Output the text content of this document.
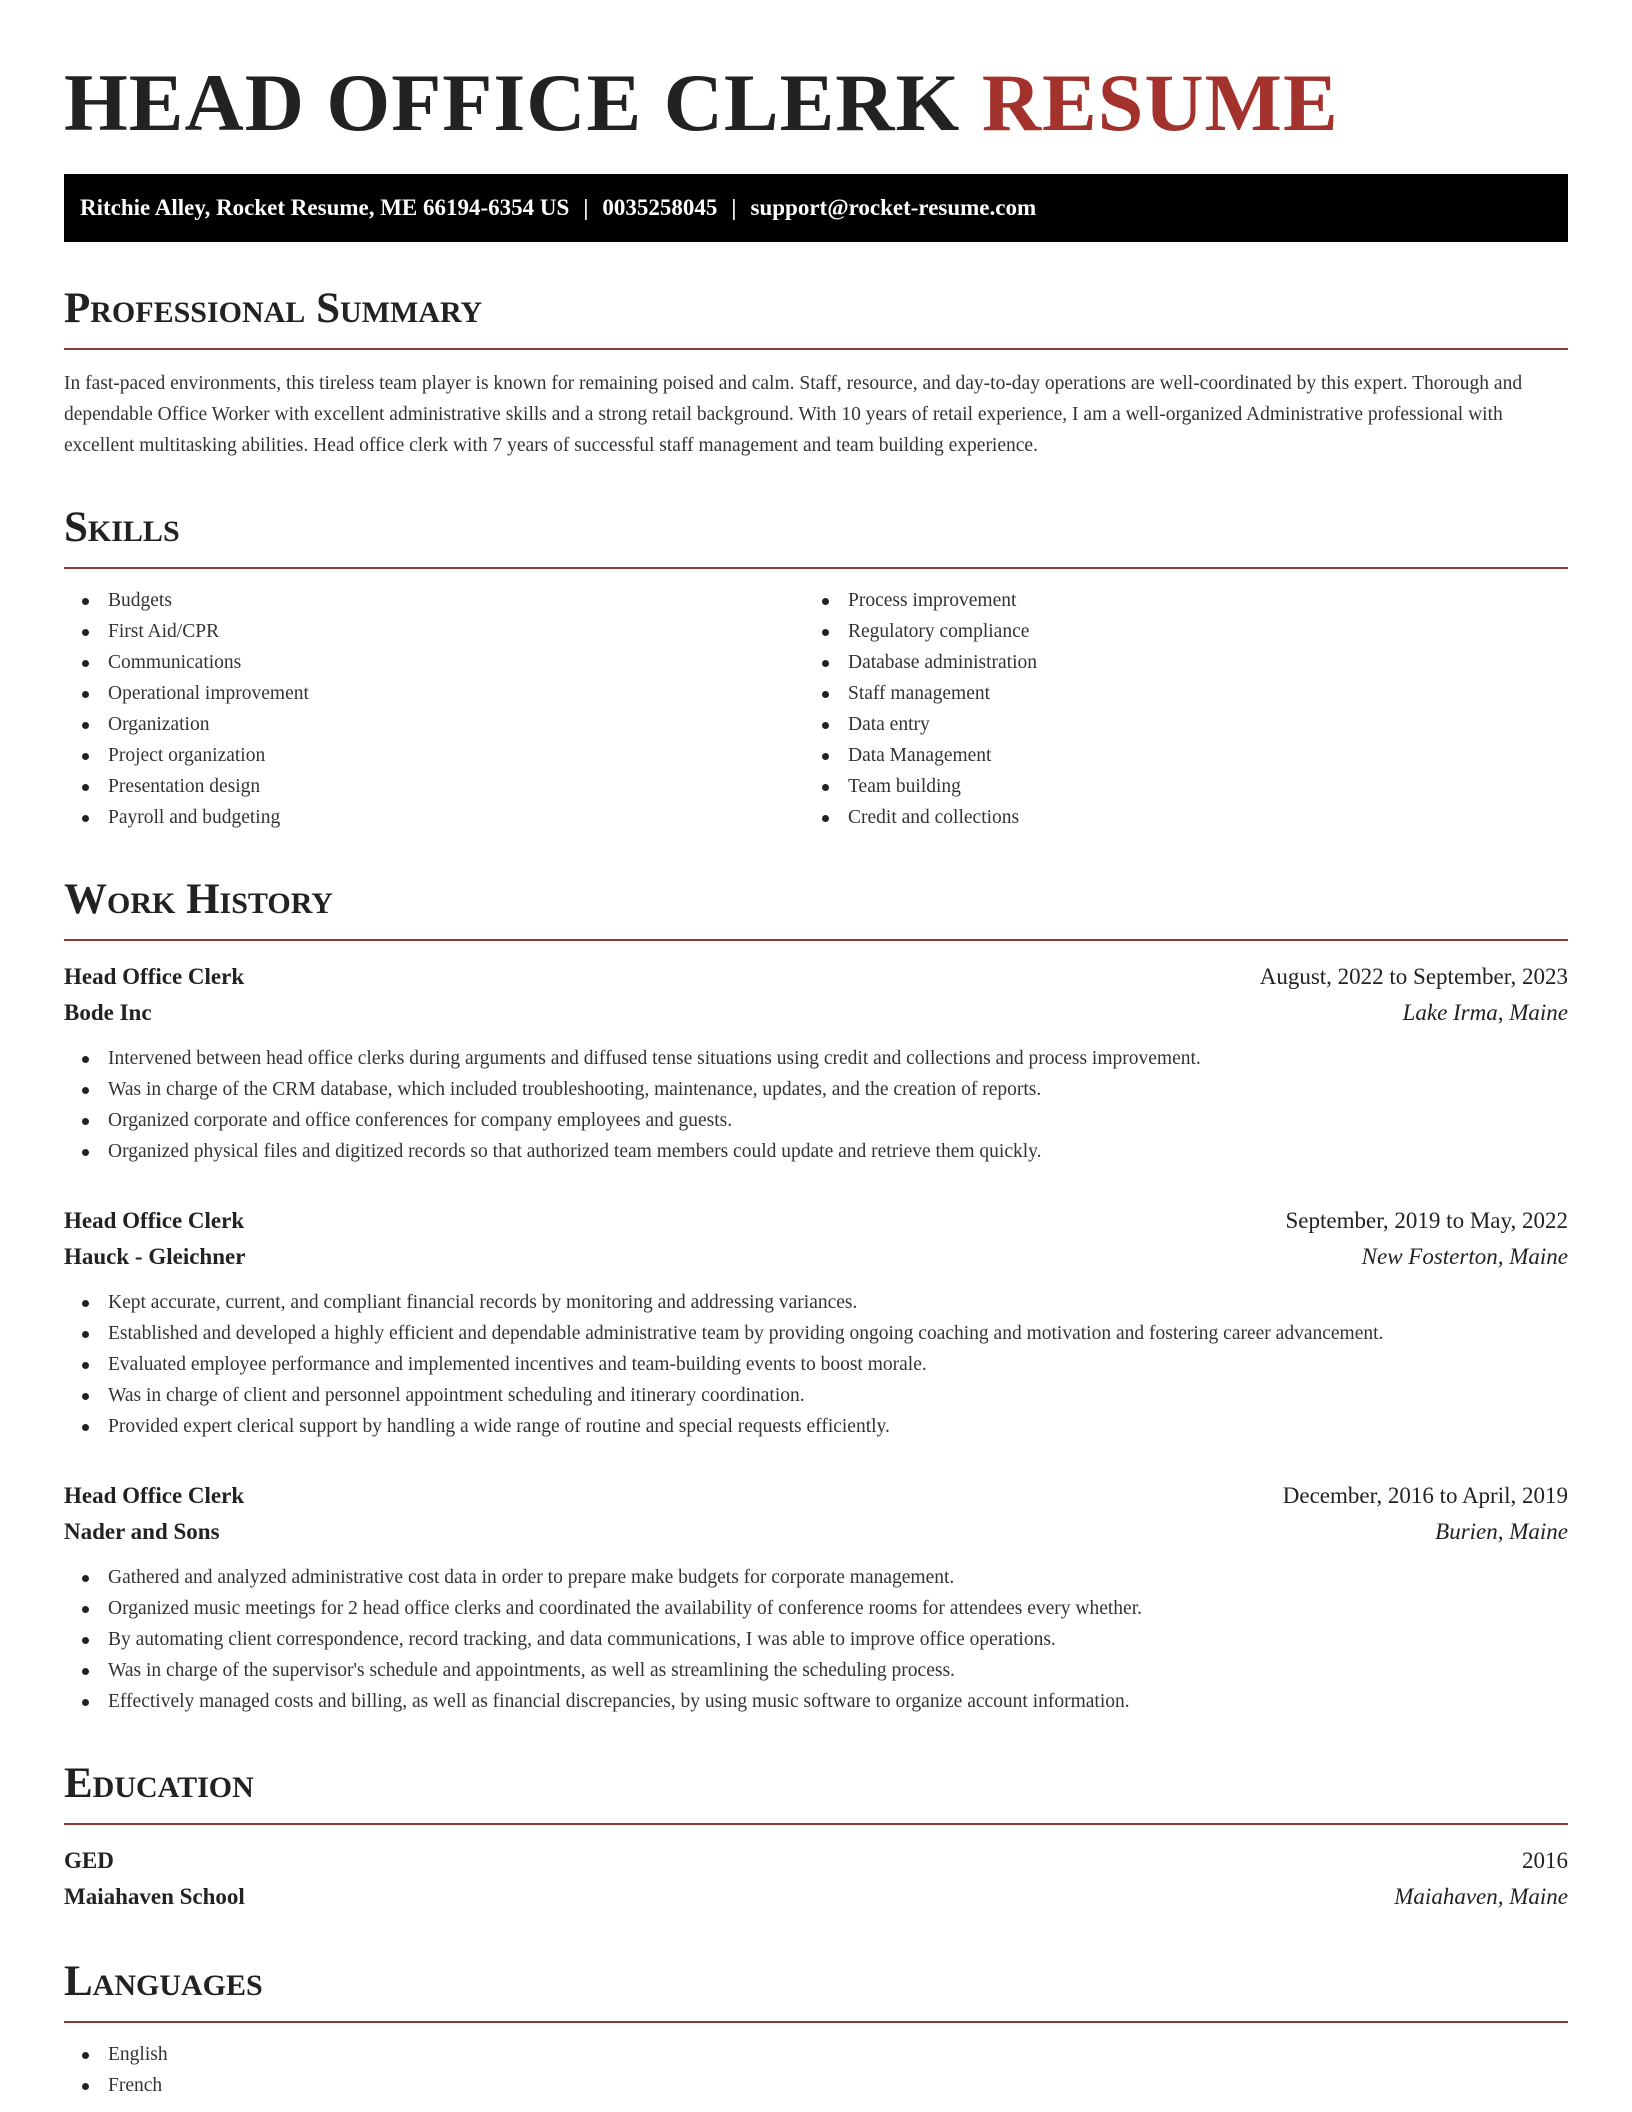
HEAD OFFICE CLERK RESUME
Ritchie Alley, Rocket Resume, ME 66194-6354 US | 0035258045 | support@rocket-resume.com
Professional Summary

In fast-paced environments, this tireless team player is known for remaining poised and calm. Staff, resource, and day-to-day operations are well-coordinated by this expert. Thorough and dependable Office Worker with excellent administrative skills and a strong retail background. With 10 years of retail experience, I am a well-organized Administrative professional with excellent multitasking abilities. Head office clerk with 7 years of successful staff management and team building experience.

Skills
Budgets
First Aid/CPR
Communications
Operational improvement
Organization
Project organization
Presentation design
Payroll and budgeting
Process improvement
Regulatory compliance
Database administration
Staff management
Data entry
Data Management
Team building
Credit and collections
Work History
Head Office Clerk	August, 2022 to September, 2023
Bode Inc	Lake Irma, Maine
Intervened between head office clerks during arguments and diffused tense situations using credit and collections and process improvement.
Was in charge of the CRM database, which included troubleshooting, maintenance, updates, and the creation of reports.
Organized corporate and office conferences for company employees and guests.
Organized physical files and digitized records so that authorized team members could update and retrieve them quickly.
Head Office Clerk	September, 2019 to May, 2022
Hauck - Gleichner	New Fosterton, Maine
Kept accurate, current, and compliant financial records by monitoring and addressing variances.
Established and developed a highly efficient and dependable administrative team by providing ongoing coaching and motivation and fostering career advancement.
Evaluated employee performance and implemented incentives and team-building events to boost morale.
Was in charge of client and personnel appointment scheduling and itinerary coordination.
Provided expert clerical support by handling a wide range of routine and special requests efficiently.
Head Office Clerk	December, 2016 to April, 2019
Nader and Sons	Burien, Maine
Gathered and analyzed administrative cost data in order to prepare make budgets for corporate management.
Organized music meetings for 2 head office clerks and coordinated the availability of conference rooms for attendees every whether.
By automating client correspondence, record tracking, and data communications, I was able to improve office operations.
Was in charge of the supervisor's schedule and appointments, as well as streamlining the scheduling process.
Effectively managed costs and billing, as well as financial discrepancies, by using music software to organize account information.
Education
GED	2016
Maiahaven School	Maiahaven, Maine
Languages
English
French
